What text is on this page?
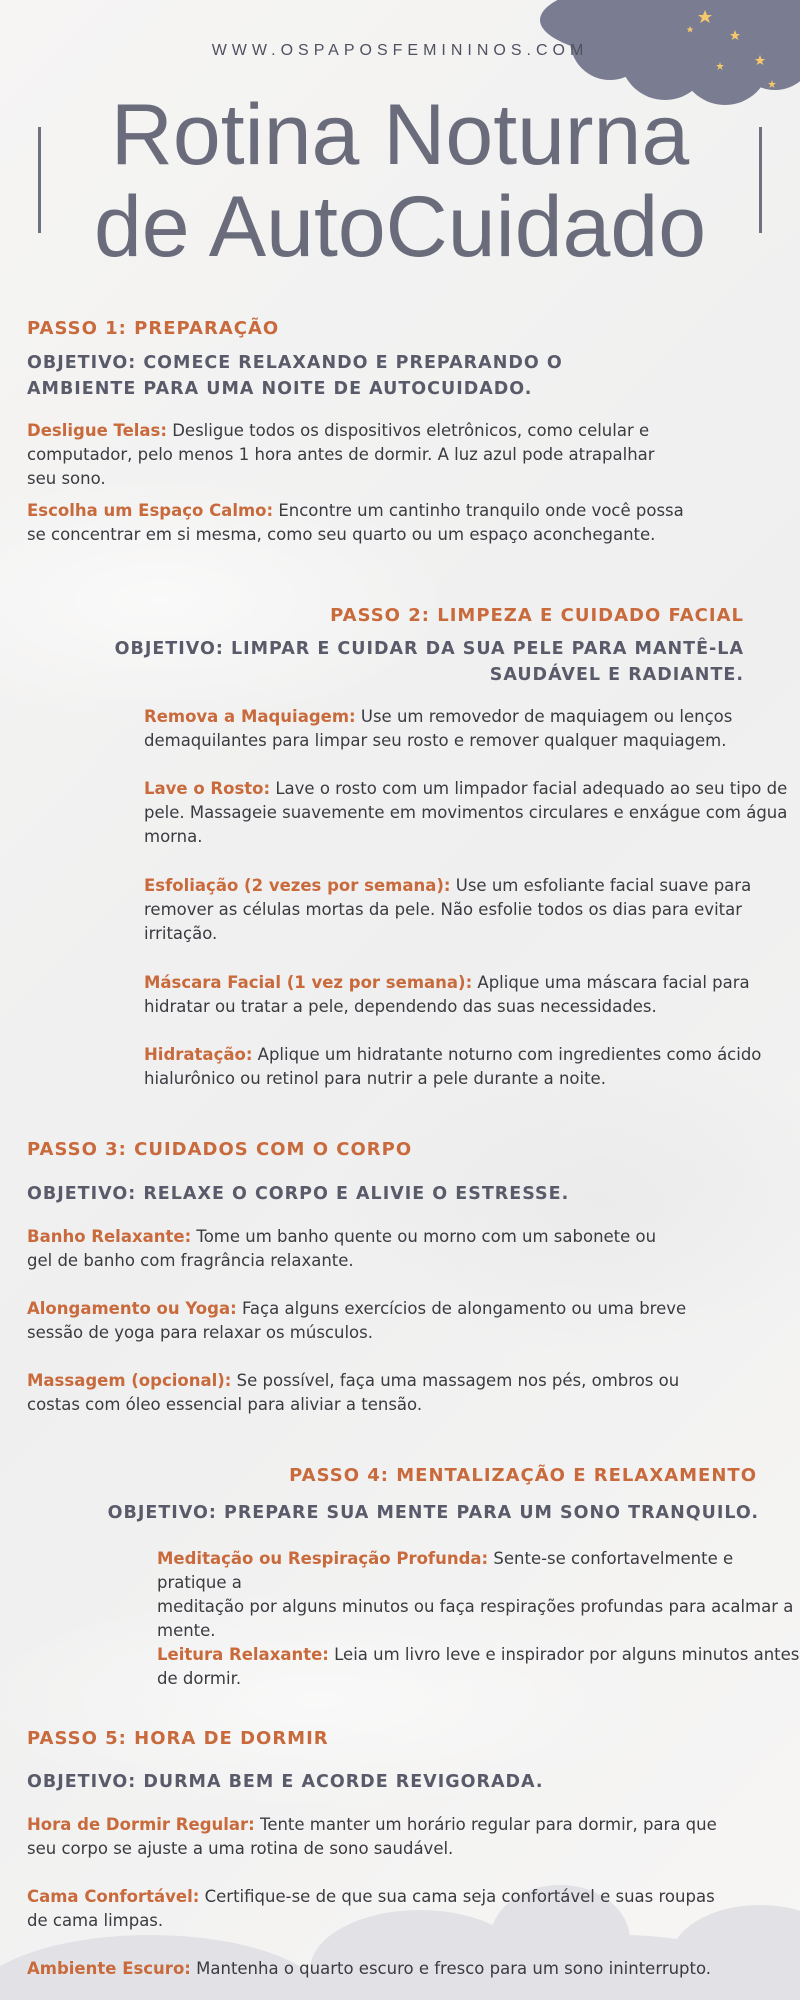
WWW.OSPAPOSFEMININOS.COM
Rotina Noturna
de AutoCuidado
PASSO 1: PREPARAÇÃO
OBJETIVO: COMECE RELAXANDO E PREPARANDO O
AMBIENTE PARA UMA NOITE DE AUTOCUIDADO.
Desligue Telas: Desligue todos os dispositivos eletrônicos, como celular e
computador, pelo menos 1 hora antes de dormir. A luz azul pode atrapalhar
seu sono.
Escolha um Espaço Calmo: Encontre um cantinho tranquilo onde você possa
se concentrar em si mesma, como seu quarto ou um espaço aconchegante.
PASSO 2: LIMPEZA E CUIDADO FACIAL
OBJETIVO: LIMPAR E CUIDAR DA SUA PELE PARA MANTÊ-LA
SAUDÁVEL E RADIANTE.
Remova a Maquiagem: Use um removedor de maquiagem ou lenços
demaquilantes para limpar seu rosto e remover qualquer maquiagem.
Lave o Rosto: Lave o rosto com um limpador facial adequado ao seu tipo de
pele. Massageie suavemente em movimentos circulares e enxágue com água
morna.
Esfoliação (2 vezes por semana): Use um esfoliante facial suave para
remover as células mortas da pele. Não esfolie todos os dias para evitar
irritação.
Máscara Facial (1 vez por semana): Aplique uma máscara facial para
hidratar ou tratar a pele, dependendo das suas necessidades.
Hidratação: Aplique um hidratante noturno com ingredientes como ácido
hialurônico ou retinol para nutrir a pele durante a noite.
PASSO 3: CUIDADOS COM O CORPO
OBJETIVO: RELAXE O CORPO E ALIVIE O ESTRESSE.
Banho Relaxante: Tome um banho quente ou morno com um sabonete ou
gel de banho com fragrância relaxante.
Alongamento ou Yoga: Faça alguns exercícios de alongamento ou uma breve
sessão de yoga para relaxar os músculos.
Massagem (opcional): Se possível, faça uma massagem nos pés, ombros ou
costas com óleo essencial para aliviar a tensão.
PASSO 4: MENTALIZAÇÃO E RELAXAMENTO
OBJETIVO: PREPARE SUA MENTE PARA UM SONO TRANQUILO.
Meditação ou Respiração Profunda: Sente-se confortavelmente e pratique a
meditação por alguns minutos ou faça respirações profundas para acalmar a
mente.
Leitura Relaxante: Leia um livro leve e inspirador por alguns minutos antes
de dormir.
PASSO 5: HORA DE DORMIR
OBJETIVO: DURMA BEM E ACORDE REVIGORADA.
Hora de Dormir Regular: Tente manter um horário regular para dormir, para que
seu corpo se ajuste a uma rotina de sono saudável.
Cama Confortável: Certifique-se de que sua cama seja confortável e suas roupas
de cama limpas.
Ambiente Escuro: Mantenha o quarto escuro e fresco para um sono ininterrupto.
